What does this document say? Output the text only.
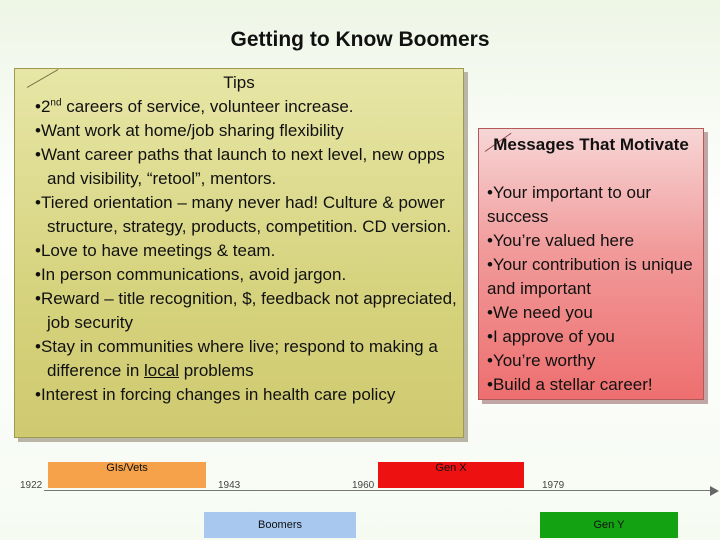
Getting to Know Boomers
Tips
• 2nd careers of service, volunteer increase.
• Want work at home/job sharing flexibility
• Want career paths that launch to next level, new opps and visibility, “retool”, mentors.
• Tiered orientation – many never had! Culture & power structure, strategy, products, competition. CD version.
• Love to have meetings & team.
• In person communications, avoid jargon.
• Reward – title recognition, $, feedback not appreciated, job security
• Stay in communities where live; respond to making a difference in local problems
• Interest in forcing changes in health care policy
Messages That Motivate
• Your important to our success
• You’re valued here
• Your contribution is unique and important
• We need you
• I approve of you
• You’re worthy
• Build a stellar career!
1922	1943	1960	1979
GIs/Vets
Boomers
Gen X
Gen Y
